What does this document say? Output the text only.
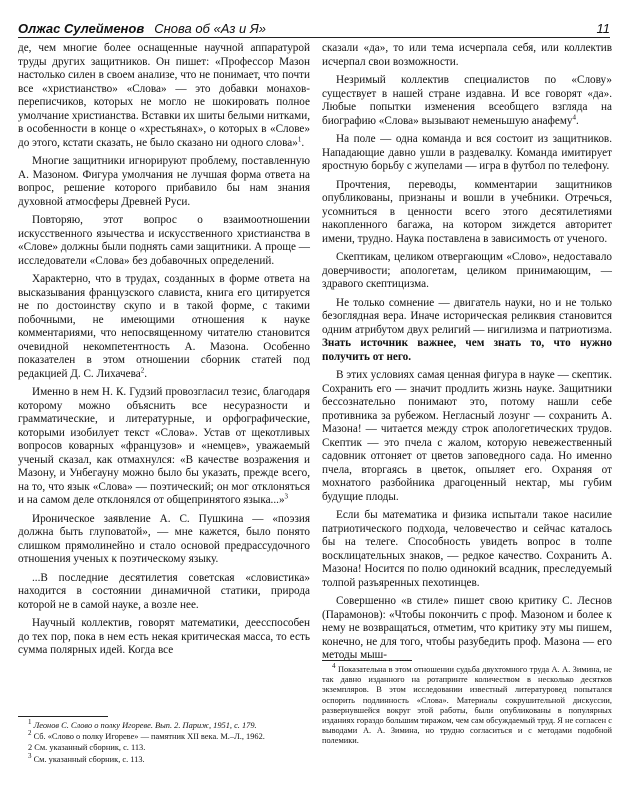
Олжас Сулейменов Снова об «Аз и Я»	11

де, чем многие более оснащенные научной аппаратурой труды других защитников. Он пишет: «Профессор Мазон настолько силен в своем анализе, что не понимает, что почти все «христианство» «Слова» — это добавки монахов-переписчиков, которых не могло не шокировать полное умолчание христианства. Вставки их шиты белыми нитками, в особенности в конце о «хрестьянах», о которых в «Слове» до этого, кстати сказать, не было сказано ни одного слова»$^1$.

Многие защитники игнорируют проблему, поставленную А. Мазоном. Фигура умолчания не лучшая форма ответа на вопрос, решение которого прибавило бы нам знания духовной атмосферы Древней Руси.

Повторяю, этот вопрос о взаимоотношении искусственного язычества и искусственного христианства в «Слове» должны были поднять сами защитники. А проще — исследователи «Слова» без добавочных определений.

Характерно, что в трудах, созданных в форме ответа на высказывания французского слависта, книга его цитируется не по достоинству скупо и в такой форме, с такими побочными, не имеющими отношения к науке комментариями, что непосвященному читателю становится очевидной некомпетентность А. Мазона. Особенно показателен в этом отношении сборник статей под редакцией Д. С. Лихачева$^2$.

Именно в нем Н. К. Гудзий провозгласил тезис, благодаря которому можно объяснить все несуразности и грамматические, и литературные, и орфографические, которыми изобилует текст «Слова». Устав от щекотливых вопросов коварных «французов» и «немцев», уважаемый ученый сказал, как отмахнулся: «В качестве возражения и Мазону, и Унбегауну можно было бы указать, прежде всего, на то, что язык «Слова» — поэтический; он мог отклоняться и на самом деле отклонялся от общепринятого языка...»$^3$

Ироническое заявление А. С. Пушкина — «поэзия должна быть глуповатой», — мне кажется, было понято слишком прямолинейно и стало основой предрассудочного отношения ученых к поэтическому языку.

...В последние десятилетия советская «словистика» находится в состоянии динамичной статики, природа которой не в самой науке, а возле нее.

Научный коллектив, говорят математики, деесспособен до тех пор, пока в нем есть некая критическая масса, то есть сумма полярных идей. Когда все

$^1$ Леонов С. Слово о полку Игореве. Вып. 2. Париж, 1951, с. 179.

$^2$ Сб. «Слово о полку Игореве» — памятник XII века. М.–Л., 1962.

2 См. указанный сборник, с. 113.

$^3$ См. указанный сборник, с. 113.

сказали «да», то или тема исчерпала себя, или коллектив исчерпал свои возможности.

Незримый коллектив специалистов по «Слову» существует в нашей стране издавна. И все говорят «да». Любые попытки изменения всеобщего взгляда на биографию «Слова» вызывают неменьшую анафему$^4$.

На поле — одна команда и вся состоит из защитников. Нападающие давно ушли в раздевалку. Команда имитирует яростную борьбу с жупелами — игра в футбол по телефону.

Прочтения, переводы, комментарии защитников опубликованы, признаны и вошли в учебники. Отречься, усомниться в ценности всего этого десятилетиями накопленного багажа, на котором зиждется авторитет имени, трудно. Наука поставлена в зависимость от ученого.

Скептикам, целиком отвергающим «Слово», недоставало доверчивости; апологетам, целиком принимающим, — здравого скептицизма.

Не только сомнение — двигатель науки, но и не только безоглядная вера. Иначе историческая реликвия становится одним атрибутом двух религий — нигилизма и патриотизма. Знать источник важнее, чем знать то, что нужно получить от него.

В этих условиях самая ценная фигура в науке — скептик. Сохранить его — значит продлить жизнь науке. Защитники бессознательно понимают это, потому нашли себе противника за рубежом. Негласный лозунг — сохранить А. Мазона! — читается между строк апологетических трудов. Скептик — это пчела с жалом, которую невежественный садовник отгоняет от цветов заповедного сада. Но именно пчела, вторгаясь в цветок, опыляет его. Охраняя от мохнатого разбойника драгоценный нектар, мы губим будущие плоды.

Если бы математика и физика испытали такое насилие патриотического подхода, человечество и сейчас каталось бы на телеге. Способность увидеть вопрос в толпе восклицательных знаков, — редкое качество. Сохранить А. Мазона! Носится по полю одинокий всадник, преследуемый толпой разъяренных пехотинцев.

Совершенно «в стиле» пишет свою критику С. Леснов (Парамонов): «Чтобы покончить с проф. Мазоном и более к нему не возвращаться, отметим, что критику эту мы пишем, конечно, не для того, чтобы разубедить проф. Мазона — его методы мыш-

$^4$ Показательна в этом отношении судьба двухтомного труда А. А. Зимина, не так давно изданного на ротапринте количеством в несколько десятков экземпляров. В этом исследовании известный литературовед попытался оспорить подлинность «Слова». Материалы сокрушительной дискуссии, развернувшейся вокруг этой работы, были опубликованы в популярных изданиях гораздо большим тиражом, чем сам обсуждаемый труд. Я не согласен с выводами А. А. Зимина, но трудно согласиться и с методами подобной полемики.
